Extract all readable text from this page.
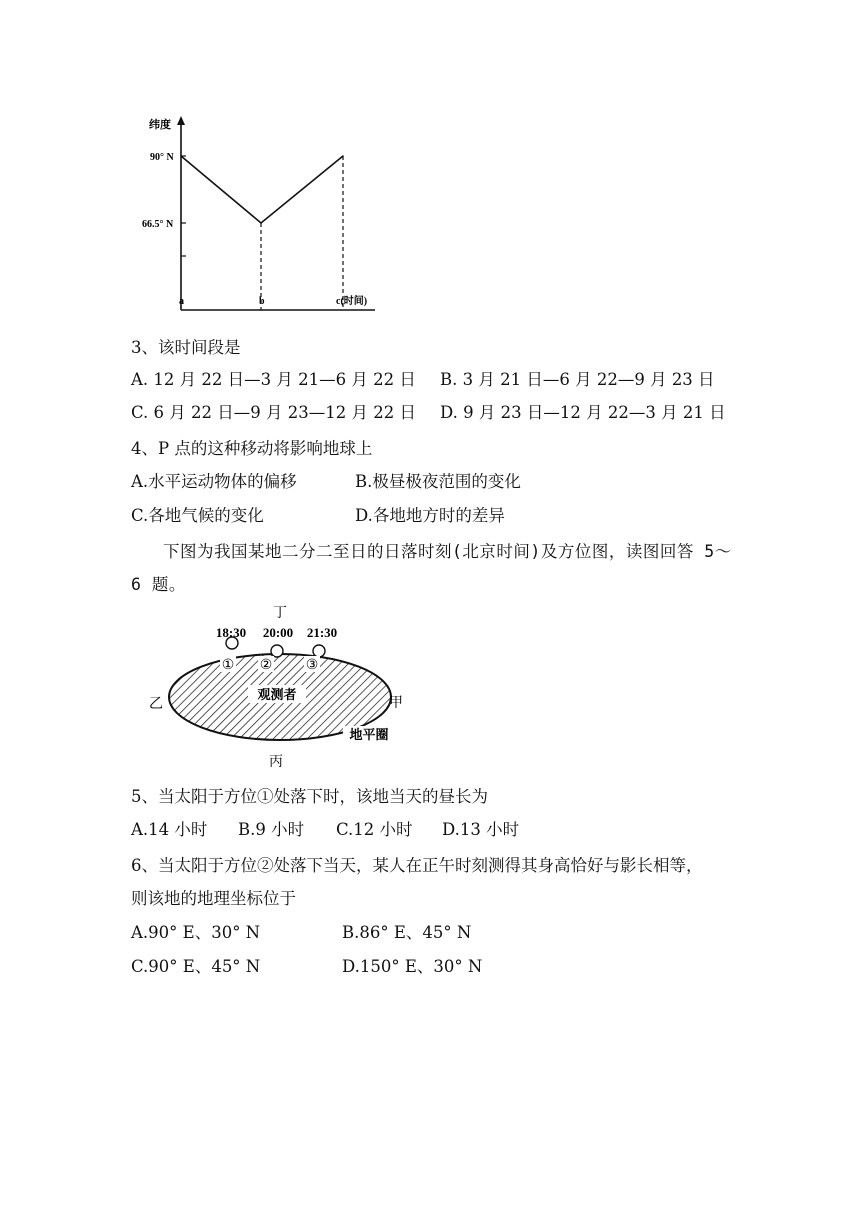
纬度
90° N
66.5° N
a	b	c(时间)
3、该时间段是
A. 12 月 22 日—3 月 21—6 月 22 日 B. 3 月 21 日—6 月 22—9 月 23 日
C. 6 月 22 日—9 月 23—12 月 22 日 D. 9 月 23 日—12 月 22—3 月 21 日
4、P 点的这种移动将影响地球上
A.水平运动物体的偏移	B.极昼极夜范围的变化
C.各地气候的变化	D.各地地方时的差异
下图为我国某地二分二至日的日落时刻(北京时间)及方位图，读图回答 5～
6 题。
观测者
地平圈
① ② ③
18:30 20:00 21:30
丁
乙	甲
丙
5、当太阳于方位①处落下时，该地当天的昼长为
A.14 小时 B.9 小时 C.12 小时 D.13 小时
6、当太阳于方位②处落下当天，某人在正午时刻测得其身高恰好与影长相等，
则该地的地理坐标位于
A.90° E、30° N	B.86° E、45° N
C.90° E、45° N	D.150° E、30° N
